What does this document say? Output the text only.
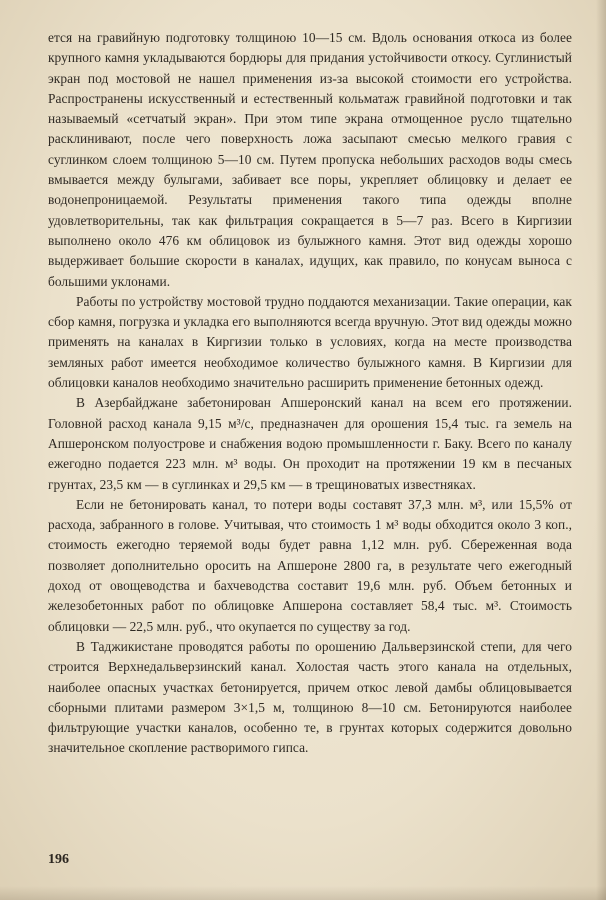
ется на гравийную подготовку толщиною 10—15 см. Вдоль основания откоса из более крупного камня укладываются бордюры для придания устойчивости откосу. Суглинистый экран под мостовой не нашел применения из-за высокой стоимости его устройства. Распространены искусственный и естественный кольматаж гравийной подготовки и так называемый «сетчатый экран». При этом типе экрана отмощенное русло тщательно расклинивают, после чего поверхность ложа засыпают смесью мелкого гравия с суглинком слоем толщиною 5—10 см. Путем пропуска небольших расходов воды смесь вмывается между булыгами, забивает все поры, укрепляет облицовку и делает ее водонепроницаемой. Результаты применения такого типа одежды вполне удовлетворительны, так как фильтрация сокращается в 5—7 раз. Всего в Киргизии выполнено около 476 км облицовок из булыжного камня. Этот вид одежды хорошо выдерживает большие скорости в каналах, идущих, как правило, по конусам выноса с большими уклонами.

Работы по устройству мостовой трудно поддаются механизации. Такие операции, как сбор камня, погрузка и укладка его выполняются всегда вручную. Этот вид одежды можно применять на каналах в Киргизии только в условиях, когда на месте производства земляных работ имеется необходимое количество булыжного камня. В Киргизии для облицовки каналов необходимо значительно расширить применение бетонных одежд.

В Азербайджане забетонирован Апшеронский канал на всем его протяжении. Головной расход канала 9,15 м³/с, предназначен для орошения 15,4 тыс. га земель на Апшеронском полуострове и снабжения водою промышленности г. Баку. Всего по каналу ежегодно подается 223 млн. м³ воды. Он проходит на протяжении 19 км в песчаных грунтах, 23,5 км — в суглинках и 29,5 км — в трещиноватых известняках.

Если не бетонировать канал, то потери воды составят 37,3 млн. м³, или 15,5% от расхода, забранного в голове. Учитывая, что стоимость 1 м³ воды обходится около 3 коп., стоимость ежегодно теряемой воды будет равна 1,12 млн. руб. Сбереженная вода позволяет дополнительно оросить на Апшероне 2800 га, в результате чего ежегодный доход от овощеводства и бахчеводства составит 19,6 млн. руб. Объем бетонных и железобетонных работ по облицовке Апшерона составляет 58,4 тыс. м³. Стоимость облицовки — 22,5 млн. руб., что окупается по существу за год.

В Таджикистане проводятся работы по орошению Дальверзинской степи, для чего строится Верхнедальверзинский канал. Холостая часть этого канала на отдельных, наиболее опасных участках бетонируется, причем откос левой дамбы облицовывается сборными плитами размером 3×1,5 м, толщиною 8—10 см. Бетонируются наиболее фильтрующие участки каналов, особенно те, в грунтах которых содержится довольно значительное скопление растворимого гипса.

196
